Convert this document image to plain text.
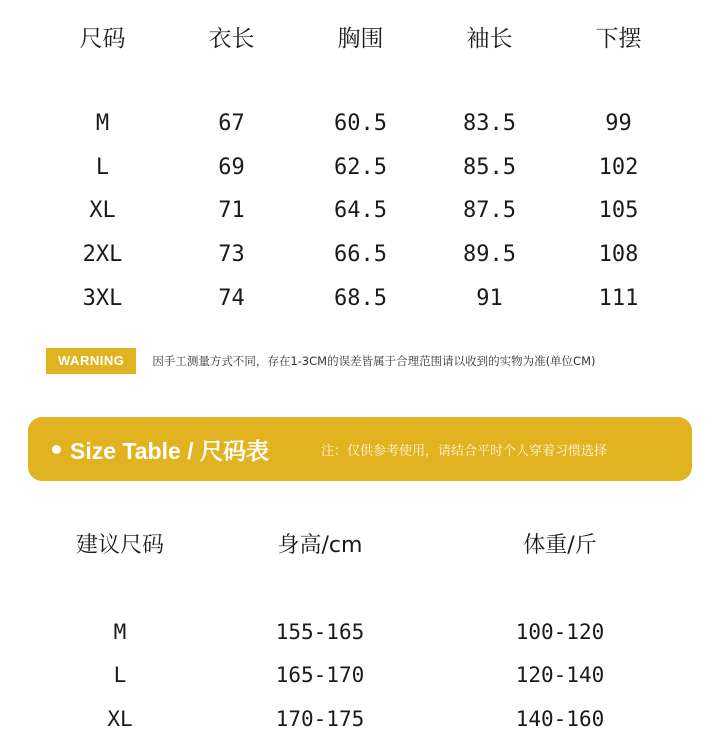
尺码	衣长	胸围	袖长	下摆
M	67	60.5	83.5	99
L	69	62.5	85.5	102
XL	71	64.5	87.5	105
2XL	73	66.5	89.5	108
3XL	74	68.5	91	111
WARNING	因手工测量方式不同，存在1-3CM的误差皆属于合理范围请以收到的实物为准(单位CM)
Size Table / 尺码表	注：仅供参考使用，请结合平时个人穿着习惯选择
建议尺码	身高/cm	体重/斤
M	155-165	100-120
L	165-170	120-140
XL	170-175	140-160
